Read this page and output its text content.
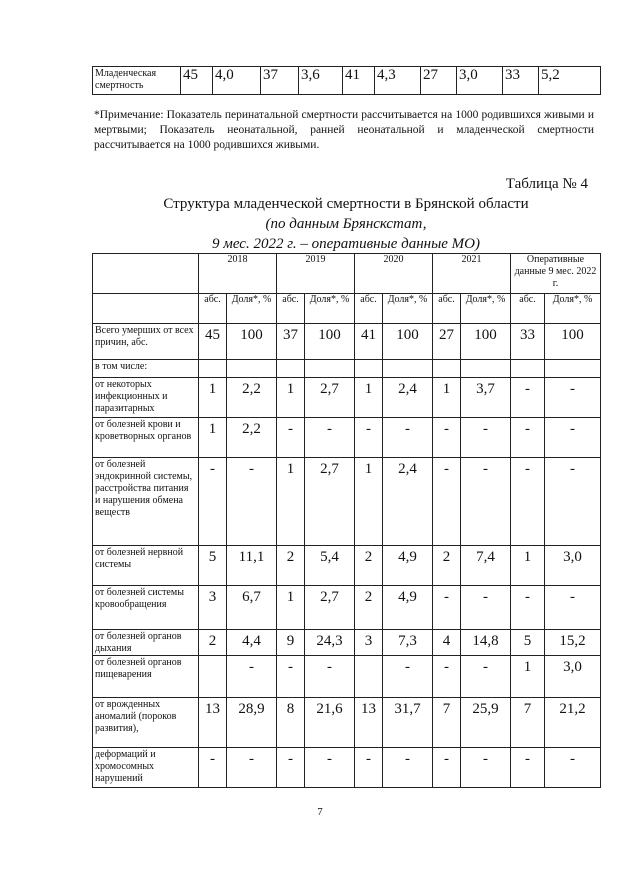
Младенческая смертность	45	4,0	37	3,6	41	4,3	27	3,0	33	5,2
*Примечание: Показатель перинатальной смертности рассчитывается на 1000 родившихся живыми и мертвыми; Показатель неонатальной, ранней неонатальной и младенческой смертности рассчитывается на 1000 родившихся живыми.
Таблица № 4
Структура младенческой смертности в Брянской области
(по данным Брянскстат,
9 мес. 2022 г. – оперативные данные МО)
	2018		2019		2020		2021		Оперативные данные 9 мес. 2022 г.	
	абс.	Доля*, %	абс.	Доля*, %	абс.	Доля*, %	абс.	Доля*, %	абс.	Доля*, %
Всего умерших от всех причин, абс.	45	100	37	100	41	100	27	100	33	100
в том числе:										
от некоторых инфекционных и паразитарных	1	2,2	1	2,7	1	2,4	1	3,7	-	-
от болезней крови и кроветворных органов	1	2,2	-	-	-	-	-	-	-	-
от болезней эндокринной системы, расстройства питания и нарушения обмена веществ	-	-	1	2,7	1	2,4	-	-	-	-
от болезней нервной системы	5	11,1	2	5,4	2	4,9	2	7,4	1	3,0
от болезней системы кровообращения	3	6,7	1	2,7	2	4,9	-	-	-	-
от болезней органов дыхания	2	4,4	9	24,3	3	7,3	4	14,8	5	15,2
от болезней органов пищеварения		-	-	-		-	-	-	1	3,0
от врожденных аномалий (пороков развития),	13	28,9	8	21,6	13	31,7	7	25,9	7	21,2
деформаций и хромосомных нарушений	-	-	-	-	-	-	-	-	-	-
7
